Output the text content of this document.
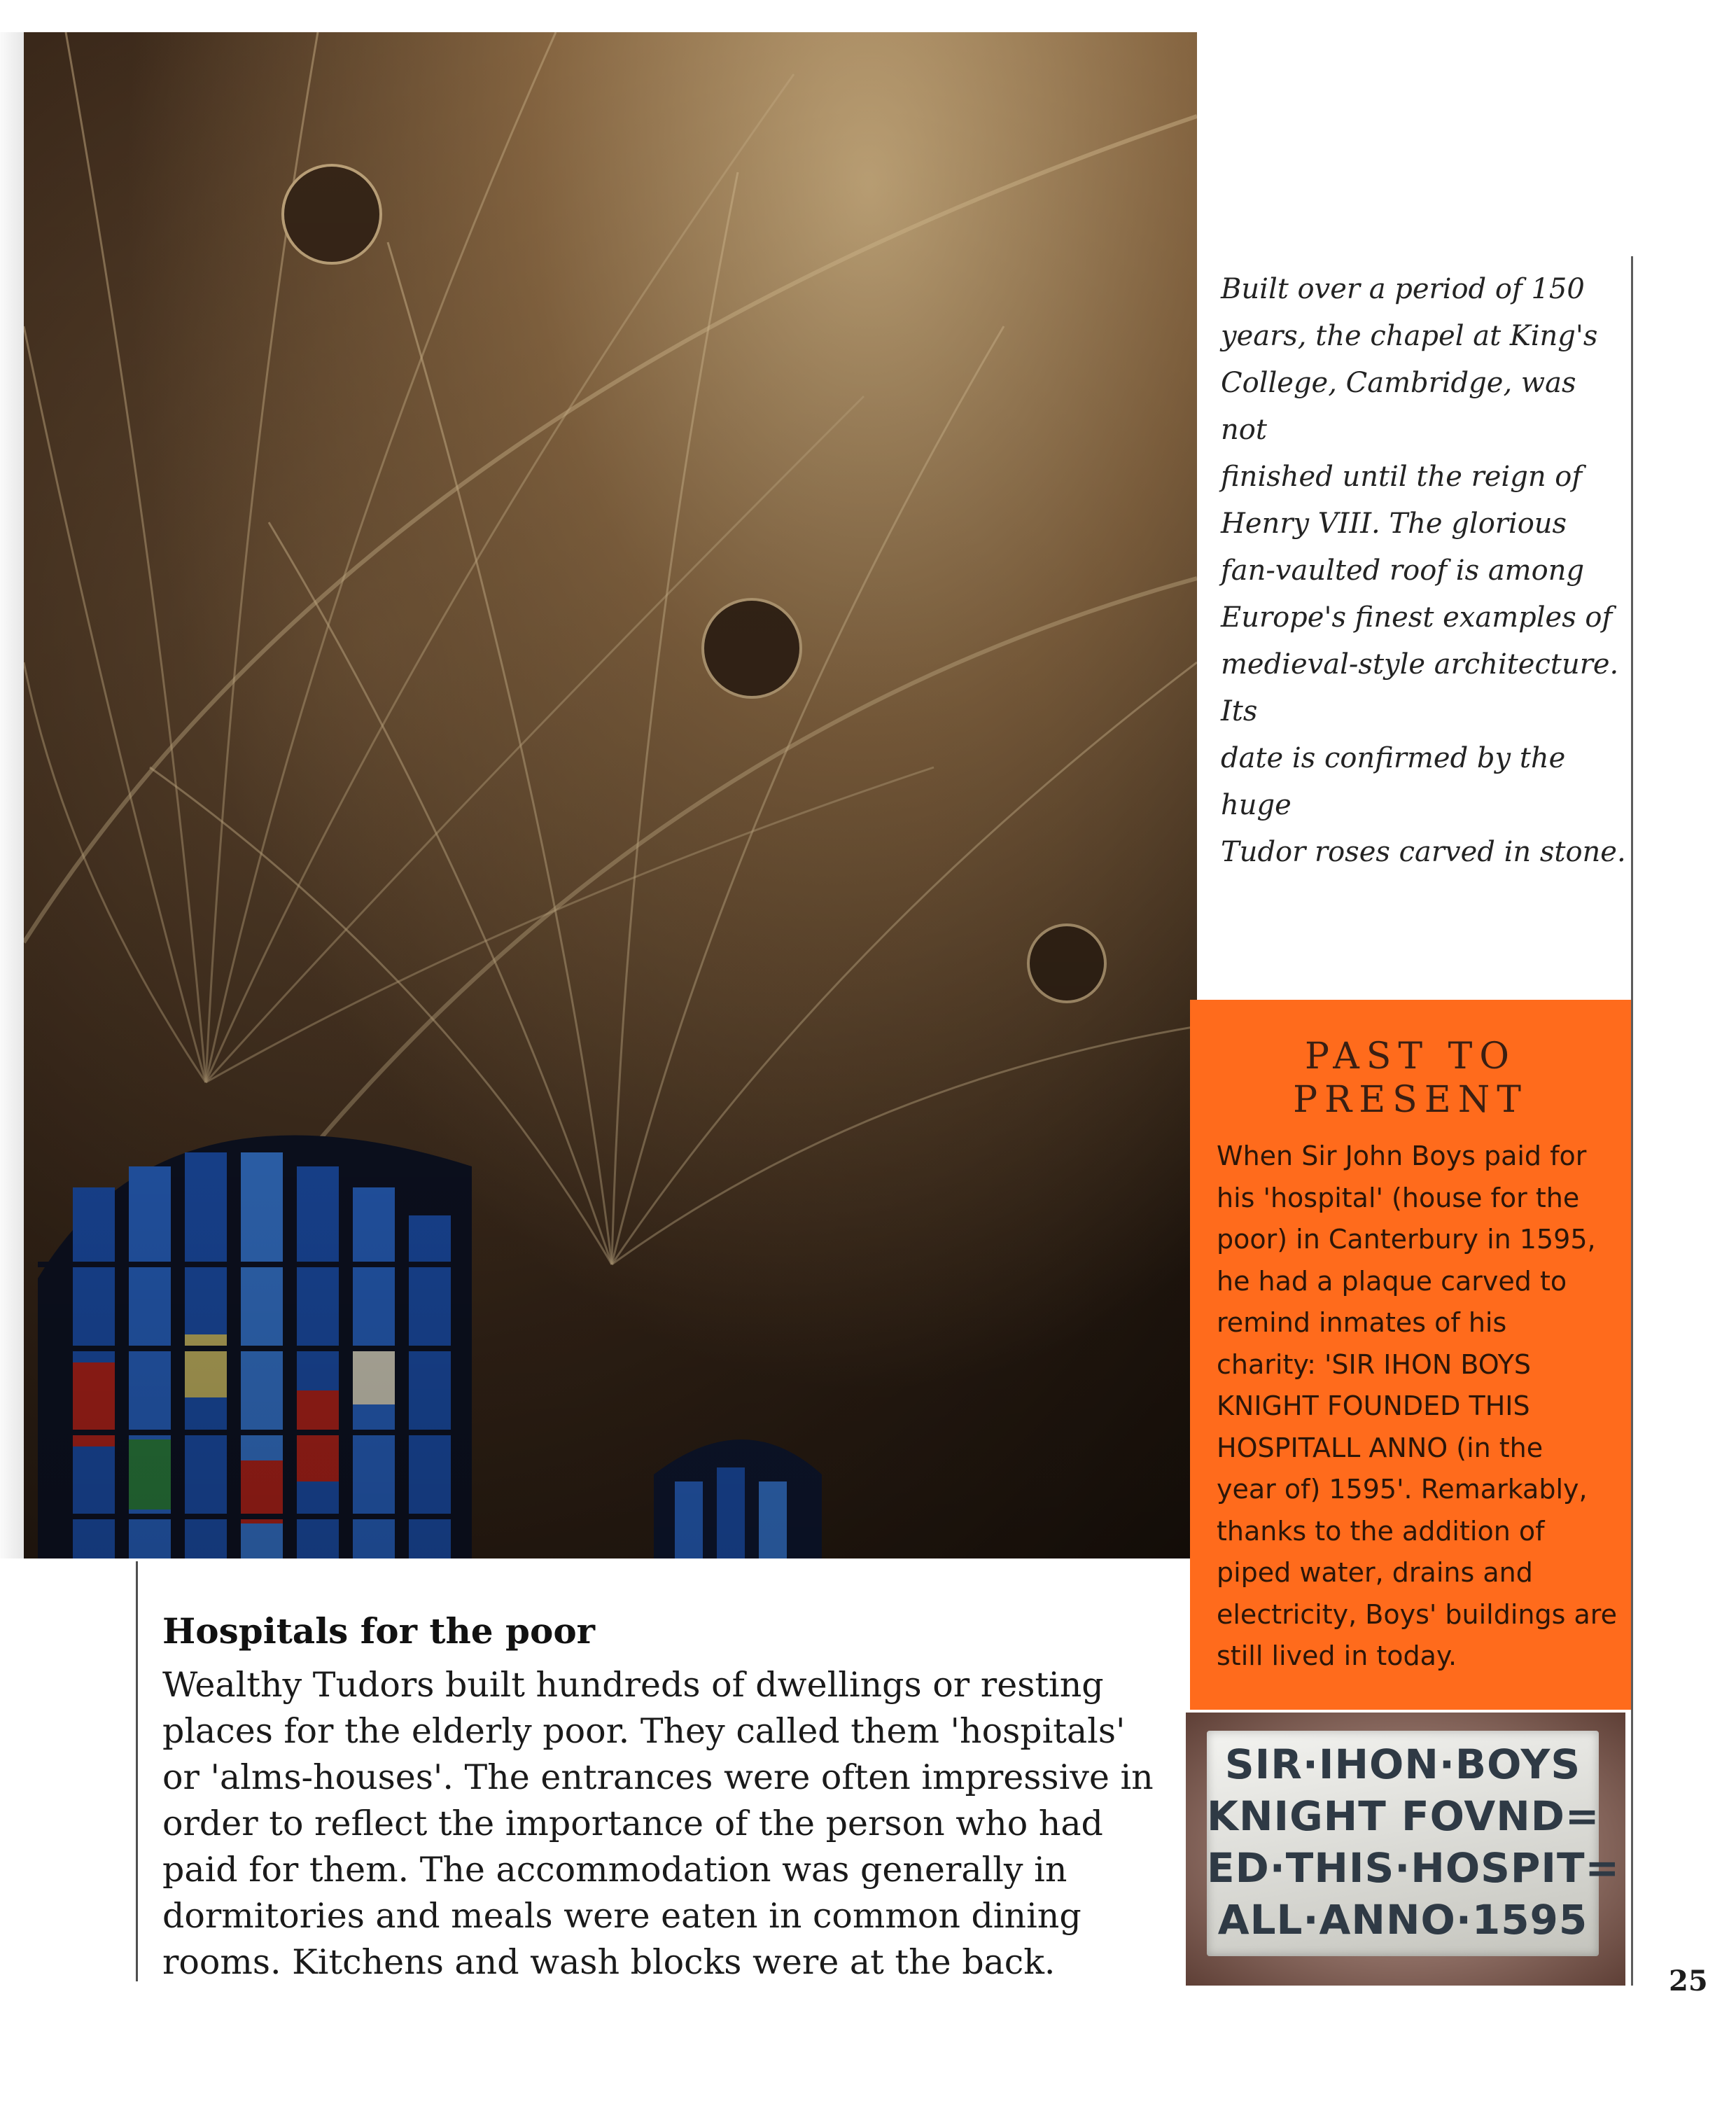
Built over a period of 150
years, the chapel at King's
College, Cambridge, was not
finished until the reign of
Henry VIII. The glorious
fan-vaulted roof is among
Europe's finest examples of
medieval-style architecture. Its
date is confirmed by the huge
Tudor roses carved in stone.
PAST TO
PRESENT
When Sir John Boys paid for
his 'hospital' (house for the
poor) in Canterbury in 1595,
he had a plaque carved to
remind inmates of his
charity: 'SIR IHON BOYS
KNIGHT FOUNDED THIS
HOSPITALL ANNO (in the
year of) 1595'. Remarkably,
thanks to the addition of
piped water, drains and
electricity, Boys' buildings are
still lived in today.
SIR·IHON·BOYS
KNIGHT FOVND=
ED·THIS·HOSPIT=
ALL·ANNO·1595
Hospitals for the poor
Wealthy Tudors built hundreds of dwellings or resting
places for the elderly poor. They called them 'hospitals'
or 'alms-houses'. The entrances were often impressive in
order to reflect the importance of the person who had
paid for them. The accommodation was generally in
dormitories and meals were eaten in common dining
rooms. Kitchens and wash blocks were at the back.	25
